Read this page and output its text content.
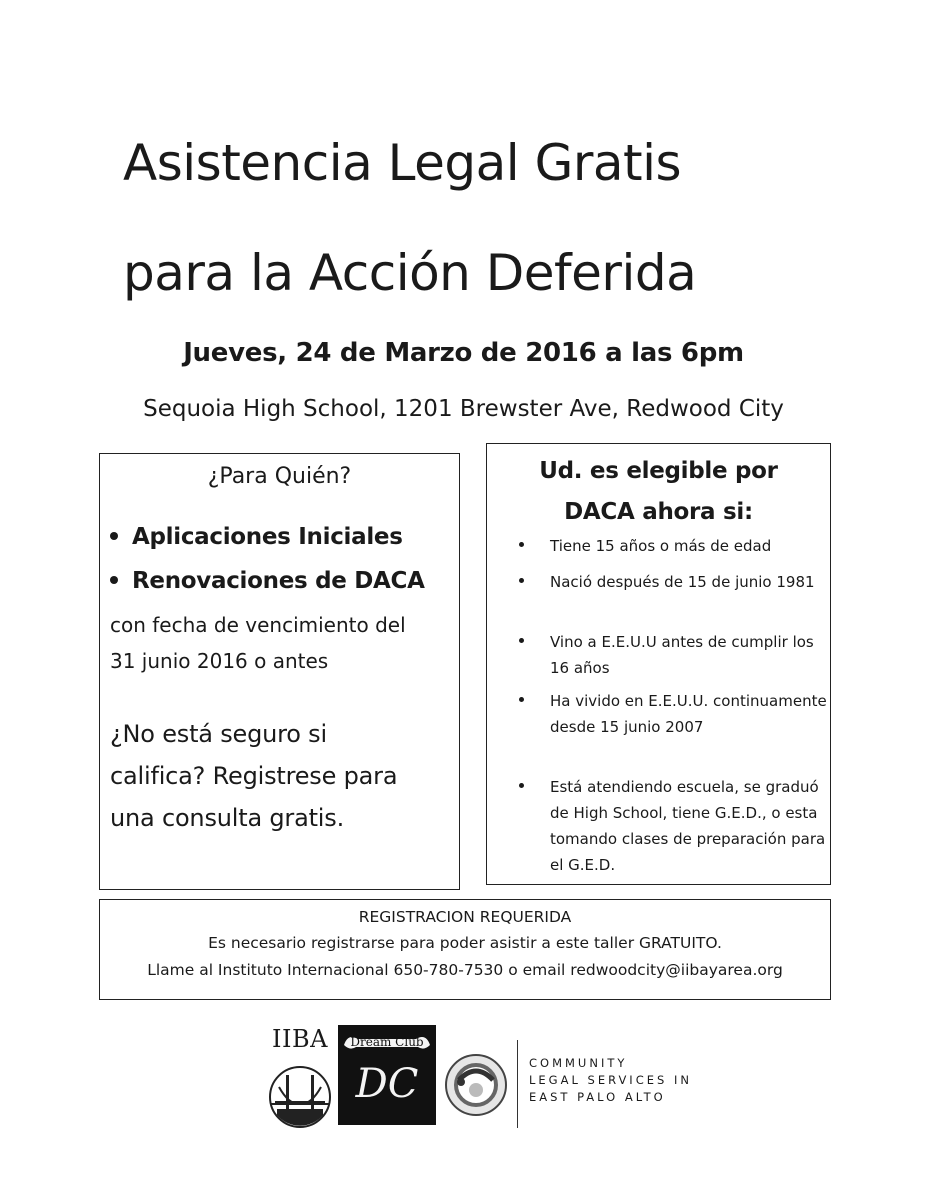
Asistencia Legal Gratis
para la Acción Deferida
Jueves, 24 de Marzo de 2016 a las 6pm
Sequoia High School, 1201 Brewster Ave, Redwood City
¿Para Quién?
Aplicaciones Iniciales
Renovaciones de DACA
con fecha de vencimiento del
31 junio 2016 o antes
¿No está seguro si
califica? Registrese para
una consulta gratis.
Ud. es elegible por
DACA ahora si:
Tiene 15 años o más de edad
Nació después de 15 de junio 1981
Vino a E.E.U.U antes de cumplir los 16 años
Ha vivido en E.E.U.U. continuamente desde 15 junio 2007
Está atendiendo escuela, se graduó de High School, tiene G.E.D., o esta tomando clases de preparación para el G.E.D.
REGISTRACION REQUERIDA
Es necesario registrarse para poder asistir a este taller GRATUITO.
Llame al Instituto Internacional 650-780-7530 o email redwoodcity@iibayarea.org
IIBA	Dream Club
DC	COMMUNITY
LEGAL SERVICES IN
EAST PALO ALTO
